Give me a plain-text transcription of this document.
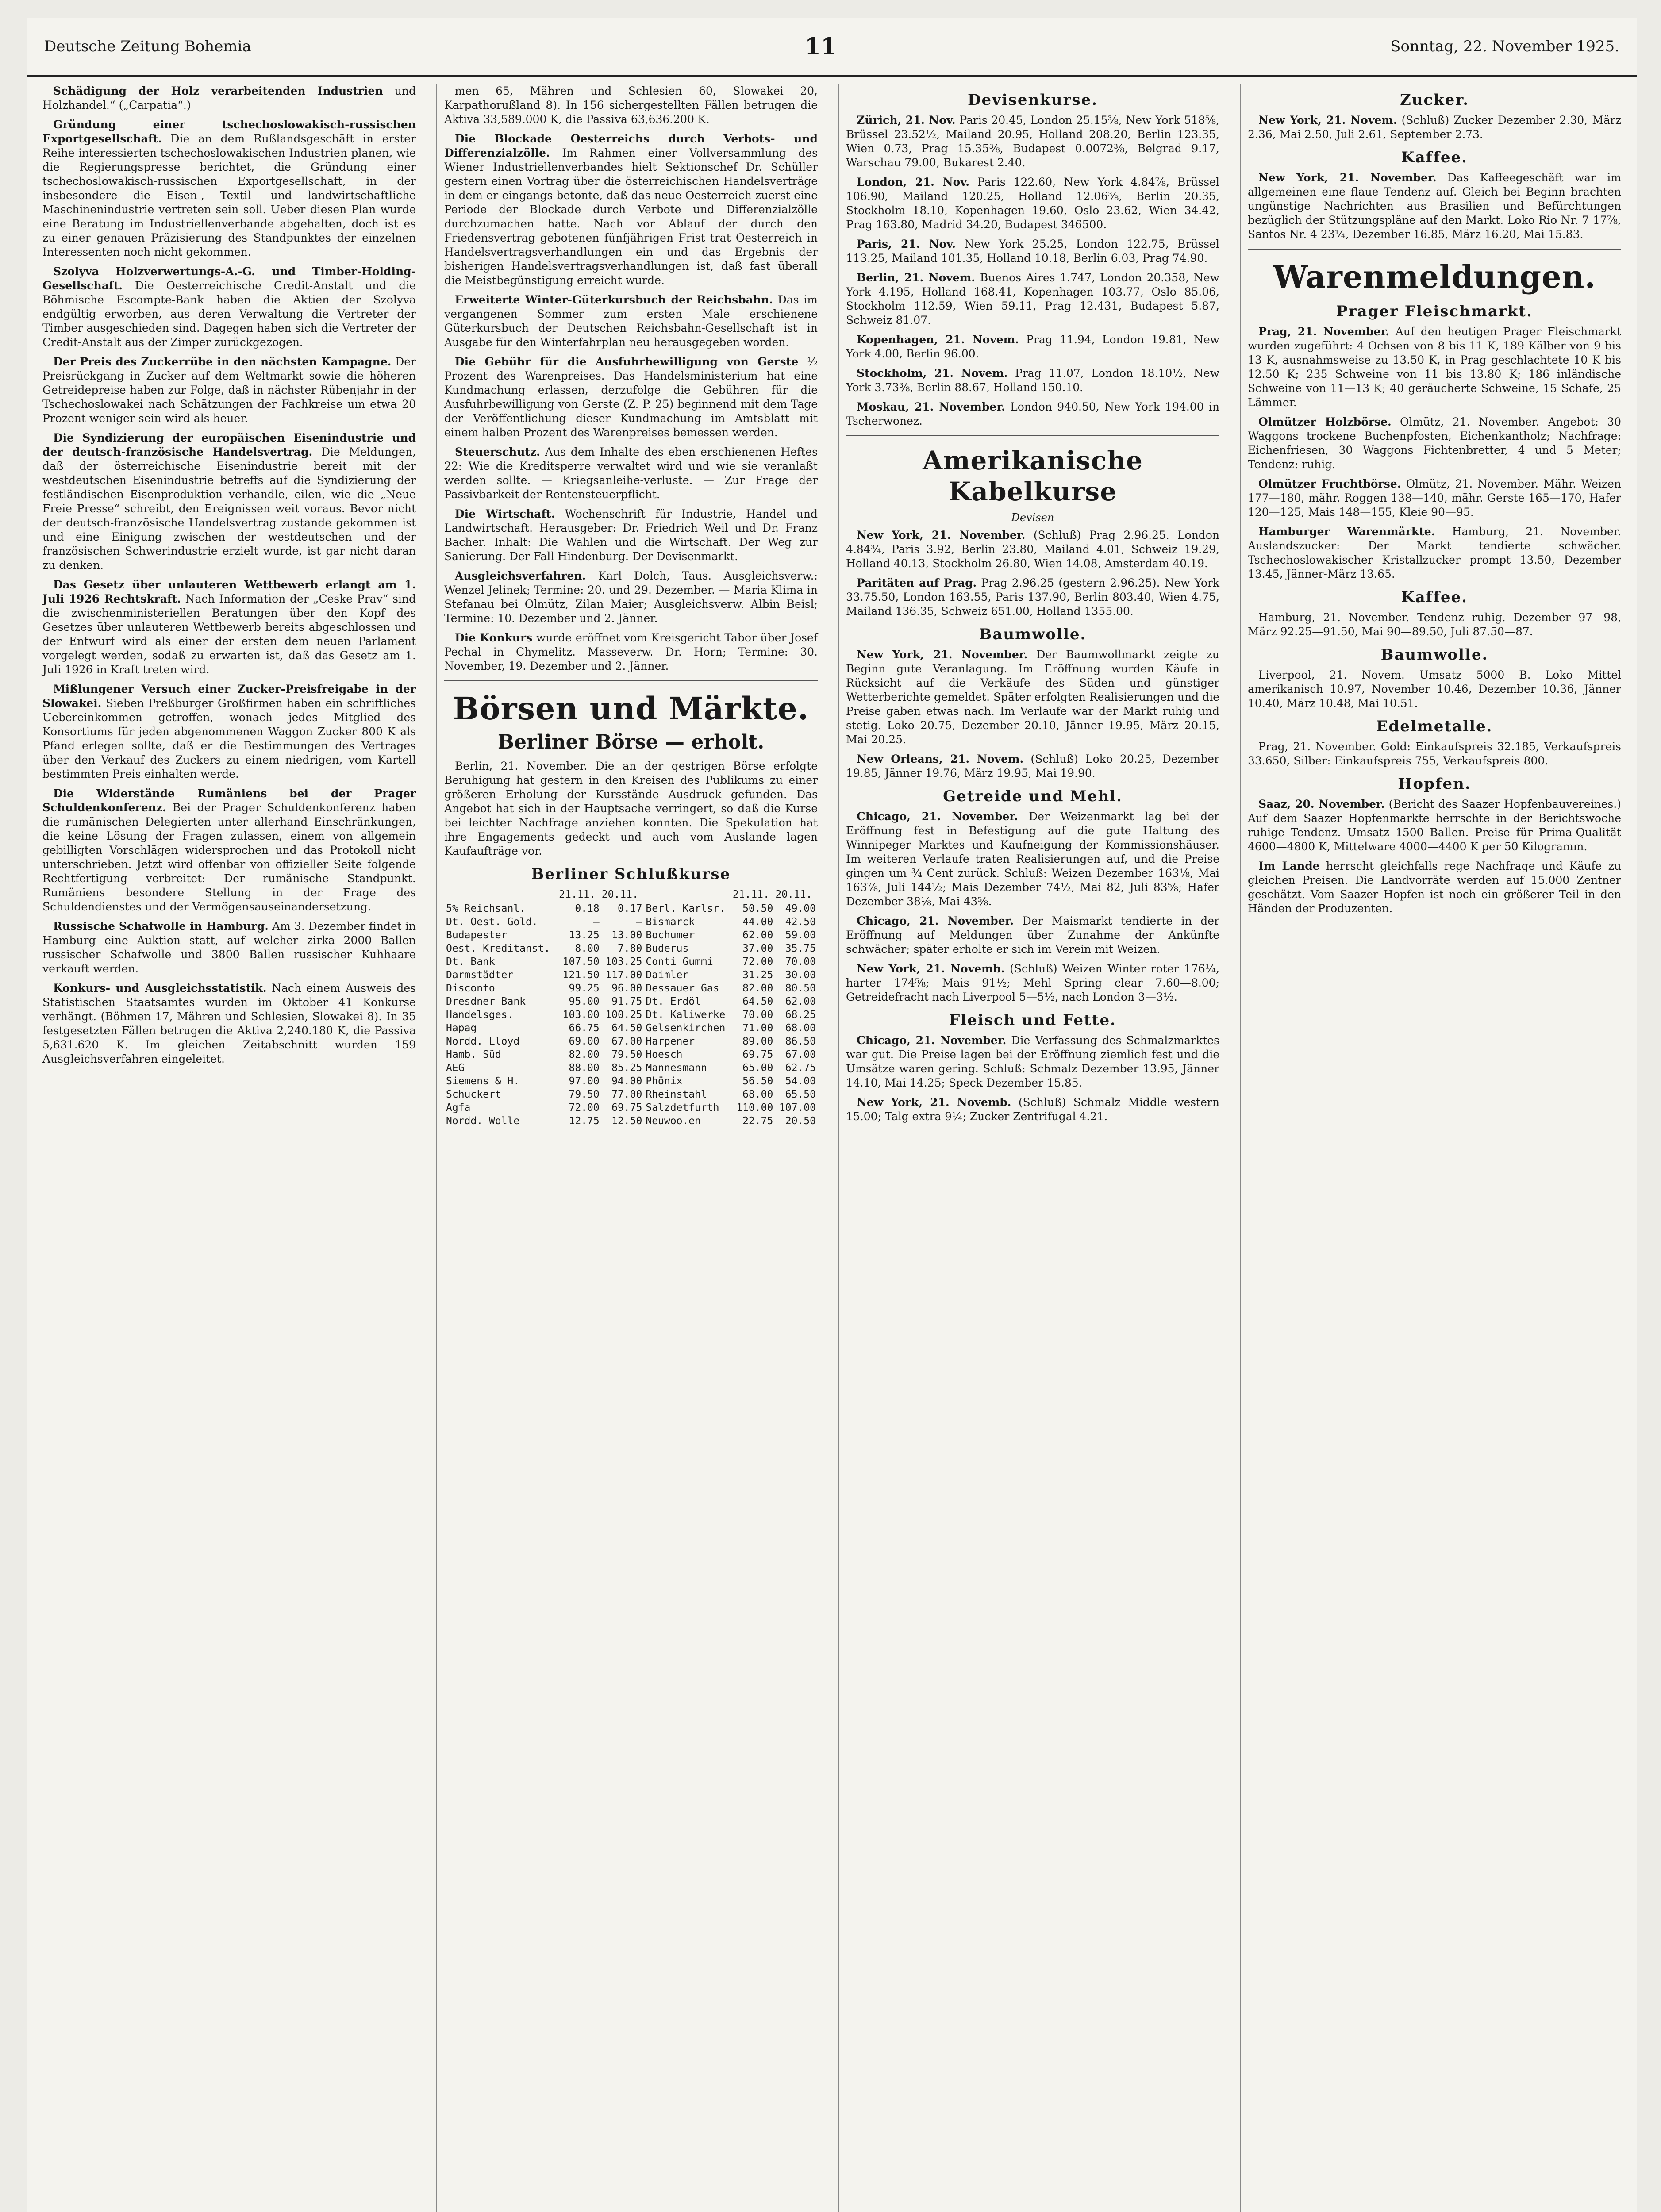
Deutsche Zeitung Bohemia	11	Sonntag, 22. November 1925.

Schädigung der Holz verarbeitenden Industrien und Holzhandel.“ („Carpatia“.)

Gründung einer tschechoslowakisch-russischen Exportgesellschaft. Die an dem Rußlandsgeschäft in erster Reihe interessierten tschechoslowakischen Industrien planen, wie die Regierungspresse berichtet, die Gründung einer tschechoslowakisch-russischen Exportgesellschaft, in der insbesondere die Eisen-, Textil- und landwirtschaftliche Maschinenindustrie vertreten sein soll. Ueber diesen Plan wurde eine Beratung im Industriellenverbande abgehalten, doch ist es zu einer genauen Präzisierung des Standpunktes der einzelnen Interessenten noch nicht gekommen.

Szolyva Holzverwertungs-A.-G. und Timber-Holding-Gesellschaft. Die Oesterreichische Credit-Anstalt und die Böhmische Escompte-Bank haben die Aktien der Szolyva endgültig erworben, aus deren Verwaltung die Vertreter der Timber ausgeschieden sind. Dagegen haben sich die Vertreter der Credit-Anstalt aus der Zimper zurückgezogen.

Der Preis des Zuckerrübe in den nächsten Kampagne. Der Preisrückgang in Zucker auf dem Weltmarkt sowie die höheren Getreidepreise haben zur Folge, daß in nächster Rübenjahr in der Tschechoslowakei nach Schätzungen der Fachkreise um etwa 20 Prozent weniger sein wird als heuer.

Die Syndizierung der europäischen Eisenindustrie und der deutsch-französische Handelsvertrag. Die Meldungen, daß der österreichische Eisenindustrie bereit mit der westdeutschen Eisenindustrie betreffs auf die Syndizierung der festländischen Eisenproduktion verhandle, eilen, wie die „Neue Freie Presse“ schreibt, den Ereignissen weit voraus. Bevor nicht der deutsch-französische Handelsvertrag zustande gekommen ist und eine Einigung zwischen der westdeutschen und der französischen Schwerindustrie erzielt wurde, ist gar nicht daran zu denken.

Das Gesetz über unlauteren Wettbewerb erlangt am 1. Juli 1926 Rechtskraft. Nach Information der „Ceske Prav“ sind die zwischenministeriellen Beratungen über den Kopf des Gesetzes über unlauteren Wettbewerb bereits abgeschlossen und der Entwurf wird als einer der ersten dem neuen Parlament vorgelegt werden, sodaß zu erwarten ist, daß das Gesetz am 1. Juli 1926 in Kraft treten wird.

Mißlungener Versuch einer Zucker-Preisfreigabe in der Slowakei. Sieben Preßburger Großfirmen haben ein schriftliches Uebereinkommen getroffen, wonach jedes Mitglied des Konsortiums für jeden abgenommenen Waggon Zucker 800 K als Pfand erlegen sollte, daß er die Bestimmungen des Vertrages über den Verkauf des Zuckers zu einem niedrigen, vom Kartell bestimmten Preis einhalten werde.

Die Widerstände Rumäniens bei der Prager Schuldenkonferenz. Bei der Prager Schuldenkonferenz haben die rumänischen Delegierten unter allerhand Einschränkungen, die keine Lösung der Fragen zulassen, einem von allgemein gebilligten Vorschlägen widersprochen und das Protokoll nicht unterschrieben. Jetzt wird offenbar von offizieller Seite folgende Rechtfertigung verbreitet: Der rumänische Standpunkt. Rumäniens besondere Stellung in der Frage des Schuldendienstes und der Vermögensauseinandersetzung.

Russische Schafwolle in Hamburg. Am 3. Dezember findet in Hamburg eine Auktion statt, auf welcher zirka 2000 Ballen russischer Schafwolle und 3800 Ballen russischer Kuhhaare verkauft werden.

Konkurs- und Ausgleichsstatistik. Nach einem Ausweis des Statistischen Staatsamtes wurden im Oktober 41 Konkurse verhängt. (Böhmen 17, Mähren und Schlesien, Slowakei 8). In 35 festgesetzten Fällen betrugen die Aktiva 2,240.180 K, die Passiva 5,631.620 K. Im gleichen Zeitabschnitt wurden 159 Ausgleichsverfahren eingeleitet.

men 65, Mähren und Schlesien 60, Slowakei 20, Karpathorußland 8). In 156 sichergestellten Fällen betrugen die Aktiva 33,589.000 K, die Passiva 63,636.200 K.

Die Blockade Oesterreichs durch Verbots- und Differenzialzölle. Im Rahmen einer Vollversammlung des Wiener Industriellenverbandes hielt Sektionschef Dr. Schüller gestern einen Vortrag über die österreichischen Handelsverträge in dem er eingangs betonte, daß das neue Oesterreich zuerst eine Periode der Blockade durch Verbote und Differenzialzölle durchzumachen hatte. Nach vor Ablauf der durch den Friedensvertrag gebotenen fünfjährigen Frist trat Oesterreich in Handelsvertragsverhandlungen ein und das Ergebnis der bisherigen Handelsvertragsverhandlungen ist, daß fast überall die Meistbegünstigung erreicht wurde.

Erweiterte Winter-Güterkursbuch der Reichsbahn. Das im vergangenen Sommer zum ersten Male erschienene Güterkursbuch der Deutschen Reichsbahn-Gesellschaft ist in Ausgabe für den Winterfahrplan neu herausgegeben worden.

Die Gebühr für die Ausfuhrbewilligung von Gerste ½ Prozent des Warenpreises. Das Handelsministerium hat eine Kundmachung erlassen, derzufolge die Gebühren für die Ausfuhrbewilligung von Gerste (Z. P. 25) beginnend mit dem Tage der Veröffentlichung dieser Kundmachung im Amtsblatt mit einem halben Prozent des Warenpreises bemessen werden.

Steuerschutz. Aus dem Inhalte des eben erschienenen Heftes 22: Wie die Kreditsperre verwaltet wird und wie sie veranlaßt werden sollte. — Kriegsanleihe-verluste. — Zur Frage der Passivbarkeit der Rentensteuerpflicht.

Die Wirtschaft. Wochenschrift für Industrie, Handel und Landwirtschaft. Herausgeber: Dr. Friedrich Weil und Dr. Franz Bacher. Inhalt: Die Wahlen und die Wirtschaft. Der Weg zur Sanierung. Der Fall Hindenburg. Der Devisenmarkt.

Ausgleichsverfahren. Karl Dolch, Taus. Ausgleichsverw.: Wenzel Jelinek; Termine: 20. und 29. Dezember. — Maria Klima in Stefanau bei Olmütz, Zilan Maier; Ausgleichsverw. Albin Beisl; Termine: 10. Dezember und 2. Jänner.

Die Konkurs wurde eröffnet vom Kreisgericht Tabor über Josef Pechal in Chymelitz. Masseverw. Dr. Horn; Termine: 30. November, 19. Dezember und 2. Jänner.

Börsen und Märkte.
Berliner Börse — erholt.

Berlin, 21. November. Die an der gestrigen Börse erfolgte Beruhigung hat gestern in den Kreisen des Publikums zu einer größeren Erholung der Kursstände Ausdruck gefunden. Das Angebot hat sich in der Hauptsache verringert, so daß die Kurse bei leichter Nachfrage anziehen konnten. Die Spekulation hat ihre Engagements gedeckt und auch vom Auslande lagen Kaufaufträge vor.

Berliner Schlußkurse
	21.11.	20.11.		21.11.	20.11.
5% Reichsanl.	0.18	0.17	Berl. Karlsr.	50.50	49.00
Dt. Oest. Gold.	—	—	Bismarck	44.00	42.50
Budapester	13.25	13.00	Bochumer	62.00	59.00
Oest. Kreditanst.	8.00	7.80	Buderus	37.00	35.75
Dt. Bank	107.50	103.25	Conti Gummi	72.00	70.00
Darmstädter	121.50	117.00	Daimler	31.25	30.00
Disconto	99.25	96.00	Dessauer Gas	82.00	80.50
Dresdner Bank	95.00	91.75	Dt. Erdöl	64.50	62.00
Handelsges.	103.00	100.25	Dt. Kaliwerke	70.00	68.25
Hapag	66.75	64.50	Gelsenkirchen	71.00	68.00
Nordd. Lloyd	69.00	67.00	Harpener	89.00	86.50
Hamb. Süd	82.00	79.50	Hoesch	69.75	67.00
AEG	88.00	85.25	Mannesmann	65.00	62.75
Siemens & H.	97.00	94.00	Phönix	56.50	54.00
Schuckert	79.50	77.00	Rheinstahl	68.00	65.50
Agfa	72.00	69.75	Salzdetfurth	110.00	107.00
Nordd. Wolle	12.75	12.50	Neuwoo.en	22.75	20.50
Devisenkurse.

Zürich, 21. Nov. Paris 20.45, London 25.15⅜, New York 518⅝, Brüssel 23.52½, Mailand 20.95, Holland 208.20, Berlin 123.35, Wien 0.73, Prag 15.35⅜, Budapest 0.0072⅜, Belgrad 9.17, Warschau 79.00, Bukarest 2.40.

London, 21. Nov. Paris 122.60, New York 4.84⅞, Brüssel 106.90, Mailand 120.25, Holland 12.06⅜, Berlin 20.35, Stockholm 18.10, Kopenhagen 19.60, Oslo 23.62, Wien 34.42, Prag 163.80, Madrid 34.20, Budapest 346500.

Paris, 21. Nov. New York 25.25, London 122.75, Brüssel 113.25, Mailand 101.35, Holland 10.18, Berlin 6.03, Prag 74.90.

Berlin, 21. Novem. Buenos Aires 1.747, London 20.358, New York 4.195, Holland 168.41, Kopenhagen 103.77, Oslo 85.06, Stockholm 112.59, Wien 59.11, Prag 12.431, Budapest 5.87, Schweiz 81.07.

Kopenhagen, 21. Novem. Prag 11.94, London 19.81, New York 4.00, Berlin 96.00.

Stockholm, 21. Novem. Prag 11.07, London 18.10½, New York 3.73⅜, Berlin 88.67, Holland 150.10.

Moskau, 21. November. London 940.50, New York 194.00 in Tscherwonez.

Amerikanische Kabelkurse
Devisen

New York, 21. November. (Schluß) Prag 2.96.25. London 4.84¾, Paris 3.92, Berlin 23.80, Mailand 4.01, Schweiz 19.29, Holland 40.13, Stockholm 26.80, Wien 14.08, Amsterdam 40.19.

Paritäten auf Prag. Prag 2.96.25 (gestern 2.96.25). New York 33.75.50, London 163.55, Paris 137.90, Berlin 803.40, Wien 4.75, Mailand 136.35, Schweiz 651.00, Holland 1355.00.

Baumwolle.

New York, 21. November. Der Baumwollmarkt zeigte zu Beginn gute Veranlagung. Im Eröffnung wurden Käufe in Rücksicht auf die Verkäufe des Süden und günstiger Wetterberichte gemeldet. Später erfolgten Realisierungen und die Preise gaben etwas nach. Im Verlaufe war der Markt ruhig und stetig. Loko 20.75, Dezember 20.10, Jänner 19.95, März 20.15, Mai 20.25.

New Orleans, 21. Novem. (Schluß) Loko 20.25, Dezember 19.85, Jänner 19.76, März 19.95, Mai 19.90.

Getreide und Mehl.

Chicago, 21. November. Der Weizenmarkt lag bei der Eröffnung fest in Befestigung auf die gute Haltung des Winnipeger Marktes und Kaufneigung der Kommissionshäuser. Im weiteren Verlaufe traten Realisierungen auf, und die Preise gingen um ¾ Cent zurück. Schluß: Weizen Dezember 163⅛, Mai 163⅞, Juli 144½; Mais Dezember 74½, Mai 82, Juli 83⅝; Hafer Dezember 38⅛, Mai 43⅝.

Chicago, 21. November. Der Maismarkt tendierte in der Eröffnung auf Meldungen über Zunahme der Ankünfte schwächer; später erholte er sich im Verein mit Weizen.

New York, 21. Novemb. (Schluß) Weizen Winter roter 176¼, harter 174⅝; Mais 91½; Mehl Spring clear 7.60—8.00; Getreidefracht nach Liverpool 5—5½, nach London 3—3½.

Fleisch und Fette.

Chicago, 21. November. Die Verfassung des Schmalzmarktes war gut. Die Preise lagen bei der Eröffnung ziemlich fest und die Umsätze waren gering. Schluß: Schmalz Dezember 13.95, Jänner 14.10, Mai 14.25; Speck Dezember 15.85.

New York, 21. Novemb. (Schluß) Schmalz Middle western 15.00; Talg extra 9¼; Zucker Zentrifugal 4.21.

Zucker.

New York, 21. Novem. (Schluß) Zucker Dezember 2.30, März 2.36, Mai 2.50, Juli 2.61, September 2.73.

Kaffee.

New York, 21. November. Das Kaffeegeschäft war im allgemeinen eine flaue Tendenz auf. Gleich bei Beginn brachten ungünstige Nachrichten aus Brasilien und Befürchtungen bezüglich der Stützungspläne auf den Markt. Loko Rio Nr. 7 17⅞, Santos Nr. 4 23¼, Dezember 16.85, März 16.20, Mai 15.83.

Warenmeldungen.
Prager Fleischmarkt.

Prag, 21. November. Auf den heutigen Prager Fleischmarkt wurden zugeführt: 4 Ochsen von 8 bis 11 K, 189 Kälber von 9 bis 13 K, ausnahmsweise zu 13.50 K, in Prag geschlachtete 10 K bis 12.50 K; 235 Schweine von 11 bis 13.80 K; 186 inländische Schweine von 11—13 K; 40 geräucherte Schweine, 15 Schafe, 25 Lämmer.

Olmützer Holzbörse. Olmütz, 21. November. Angebot: 30 Waggons trockene Buchenpfosten, Eichenkantholz; Nachfrage: Eichenfriesen, 30 Waggons Fichtenbretter, 4 und 5 Meter; Tendenz: ruhig.

Olmützer Fruchtbörse. Olmütz, 21. November. Mähr. Weizen 177—180, mähr. Roggen 138—140, mähr. Gerste 165—170, Hafer 120—125, Mais 148—155, Kleie 90—95.

Hamburger Warenmärkte. Hamburg, 21. November. Auslandszucker: Der Markt tendierte schwächer. Tschechoslowakischer Kristallzucker prompt 13.50, Dezember 13.45, Jänner-März 13.65.

Kaffee.

Hamburg, 21. November. Tendenz ruhig. Dezember 97—98, März 92.25—91.50, Mai 90—89.50, Juli 87.50—87.

Baumwolle.

Liverpool, 21. Novem. Umsatz 5000 B. Loko Mittel amerikanisch 10.97, November 10.46, Dezember 10.36, Jänner 10.40, März 10.48, Mai 10.51.

Edelmetalle.

Prag, 21. November. Gold: Einkaufspreis 32.185, Verkaufspreis 33.650, Silber: Einkaufspreis 755, Verkaufspreis 800.

Hopfen.

Saaz, 20. November. (Bericht des Saazer Hopfenbauvereines.) Auf dem Saazer Hopfenmarkte herrschte in der Berichtswoche ruhige Tendenz. Umsatz 1500 Ballen. Preise für Prima-Qualität 4600—4800 K, Mittelware 4000—4400 K per 50 Kilogramm.

Im Lande herrscht gleichfalls rege Nachfrage und Käufe zu gleichen Preisen. Die Landvorräte werden auf 15.000 Zentner geschätzt. Vom Saazer Hopfen ist noch ein größerer Teil in den Händen der Produzenten.
